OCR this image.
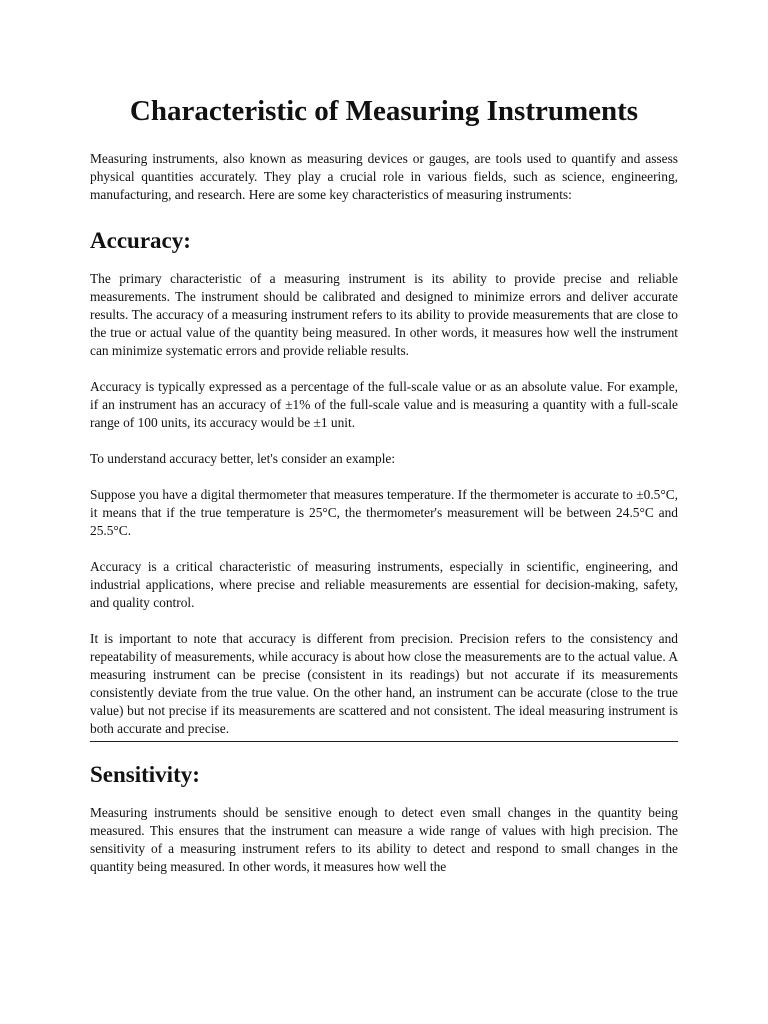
Characteristic of Measuring Instruments

Measuring instruments, also known as measuring devices or gauges, are tools used to quantify and assess physical quantities accurately. They play a crucial role in various fields, such as science, engineering, manufacturing, and research. Here are some key characteristics of measuring instruments:

Accuracy:

The primary characteristic of a measuring instrument is its ability to provide precise and reliable measurements. The instrument should be calibrated and designed to minimize errors and deliver accurate results. The accuracy of a measuring instrument refers to its ability to provide measurements that are close to the true or actual value of the quantity being measured. In other words, it measures how well the instrument can minimize systematic errors and provide reliable results.

Accuracy is typically expressed as a percentage of the full-scale value or as an absolute value. For example, if an instrument has an accuracy of ±1% of the full-scale value and is measuring a quantity with a full-scale range of 100 units, its accuracy would be ±1 unit.

To understand accuracy better, let's consider an example:

Suppose you have a digital thermometer that measures temperature. If the thermometer is accurate to ±0.5°C, it means that if the true temperature is 25°C, the thermometer's measurement will be between 24.5°C and 25.5°C.

Accuracy is a critical characteristic of measuring instruments, especially in scientific, engineering, and industrial applications, where precise and reliable measurements are essential for decision-making, safety, and quality control.

It is important to note that accuracy is different from precision. Precision refers to the consistency and repeatability of measurements, while accuracy is about how close the measurements are to the actual value. A measuring instrument can be precise (consistent in its readings) but not accurate if its measurements consistently deviate from the true value. On the other hand, an instrument can be accurate (close to the true value) but not precise if its measurements are scattered and not consistent. The ideal measuring instrument is both accurate and precise.

Sensitivity:

Measuring instruments should be sensitive enough to detect even small changes in the quantity being measured. This ensures that the instrument can measure a wide range of values with high precision. The sensitivity of a measuring instrument refers to its ability to detect and respond to small changes in the quantity being measured. In other words, it measures how well the
